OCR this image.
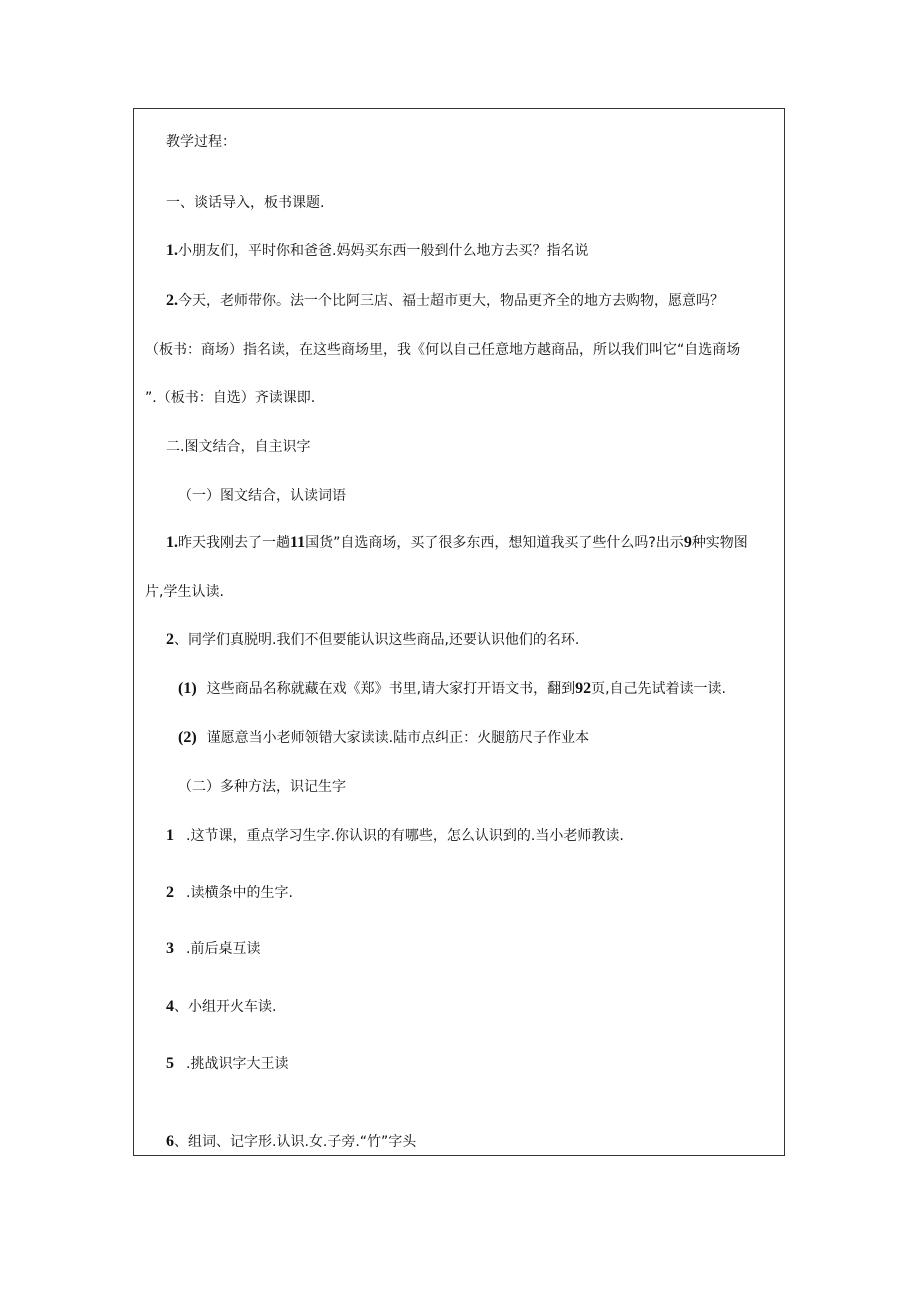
教学过程：
一、谈话导入，板书课题.
1.小朋友们，平时你和爸爸.妈妈买东西一般到什么地方去买？指名说
2.今天，老师带你。法一个比阿三店、福士超市更大，物品更齐全的地方去购物，愿意吗？
（板书：商场）指名读，在这些商场里，我《何以自己任意地方越商品，所以我们叫它“自选商场
”.（板书：自选）齐读课即.
二.图文结合，自主识字
（一）图文结合，认读词语
1.昨天我刚去了一趟11国货”自选商场，买了很多东西，想知道我买了些什么吗?出示9种实物图
片,学生认读.
2、同学们真脱明.我们不但要能认识这些商品,还要认识他们的名环.
(1) 这些商品名称就藏在戏《郑》书里,请大家打开语文书，翻到92页,自己先试着读一读.
(2) 谨愿意当小老师领错大家读读.陆市点纠正：火腿筋尺子作业本
（二）多种方法，识记生字
1 .这节课，重点学习生字.你认识的有哪些，怎么认识到的.当小老师教读.
2 .读横条中的生字.
3 .前后桌互读
4、小组开火车读.
5 .挑战识字大王读
6、组词、记字形.认识.女.子旁.“竹”字头
